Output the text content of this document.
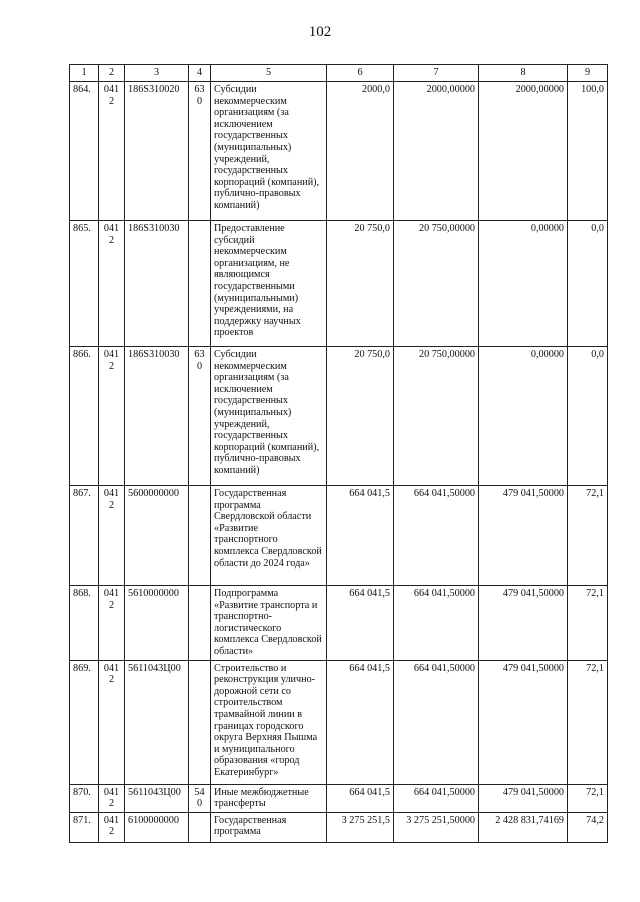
102
1	2	3	4	5	6	7	8	9
864.	0412	186S310020	630	Субсидии некоммерческим организациям (за исключением государственных (муниципальных) учреждений, государственных корпораций (компаний), публично-правовых компаний)	2000,0	2000,00000	2000,00000	100,0
865.	0412	186S310030		Предоставление субсидий некоммерческим организациям, не являющимся государственными (муниципальными) учреждениями, на поддержку научных проектов	20 750,0	20 750,00000	0,00000	0,0
866.	0412	186S310030	630	Субсидии некоммерческим организациям (за исключением государственных (муниципальных) учреждений, государственных корпораций (компаний), публично-правовых компаний)	20 750,0	20 750,00000	0,00000	0,0
867.	0412	5600000000		Государственная программа Свердловской области «Развитие транспортного комплекса Свердловской области до 2024 года»	664 041,5	664 041,50000	479 041,50000	72,1
868.	0412	5610000000		Подпрограмма «Развитие транспорта и транспортно-логистического комплекса Свердловской области»	664 041,5	664 041,50000	479 041,50000	72,1
869.	0412	5611043Ц00		Строительство и реконструкция улично-дорожной сети со строительством трамвайной линии в границах городского округа Верхняя Пышма и муниципального образования «город Екатеринбург»	664 041,5	664 041,50000	479 041,50000	72,1
870.	0412	5611043Ц00	540	Иные межбюджетные трансферты	664 041,5	664 041,50000	479 041,50000	72,1
871.	0412	6100000000		Государственная программа	3 275 251,5	3 275 251,50000	2 428 831,74169	74,2
